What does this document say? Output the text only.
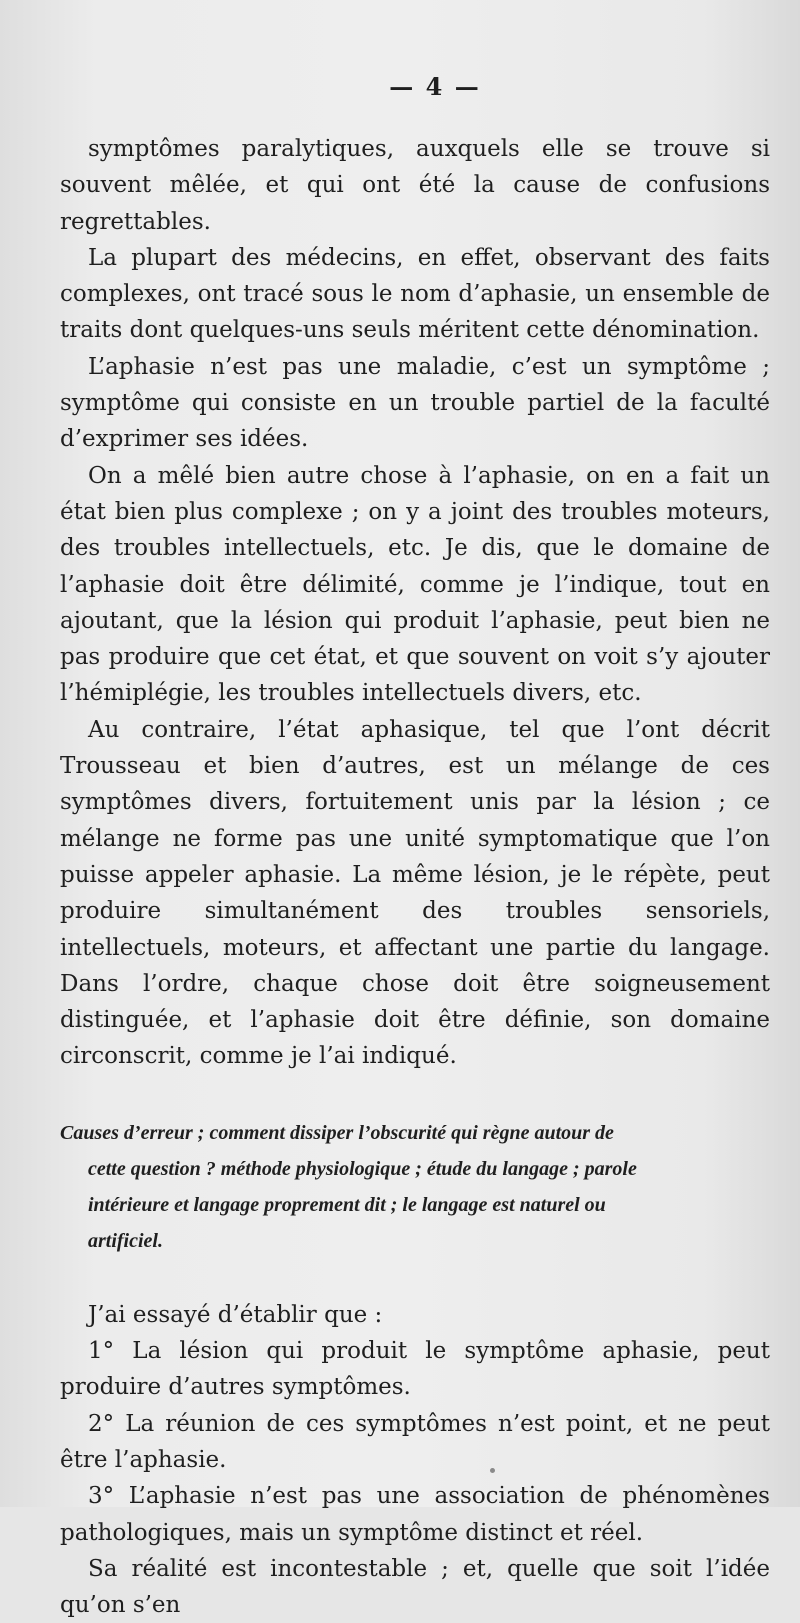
— 4 —

symptômes paralytiques, auxquels elle se trouve si souvent mêlée, et qui ont été la cause de confusions regrettables.

La plupart des médecins, en effet, observant des faits complexes, ont tracé sous le nom d’aphasie, un ensemble de traits dont quelques-uns seuls méritent cette dénomination.

L’aphasie n’est pas une maladie, c’est un symptôme ; symptôme qui consiste en un trouble partiel de la faculté d’exprimer ses idées.

On a mêlé bien autre chose à l’aphasie, on en a fait un état bien plus complexe ; on y a joint des troubles moteurs, des troubles intellectuels, etc. Je dis, que le domaine de l’aphasie doit être délimité, comme je l’indique, tout en ajoutant, que la lésion qui produit l’aphasie, peut bien ne pas produire que cet état, et que souvent on voit s’y ajouter l’hémiplégie, les troubles intellectuels divers, etc.

Au contraire, l’état aphasique, tel que l’ont décrit Trousseau et bien d’autres, est un mélange de ces symptômes divers, fortuitement unis par la lésion ; ce mélange ne forme pas une unité symptomatique que l’on puisse appeler aphasie. La même lésion, je le répète, peut produire simultanément des troubles sensoriels, intellectuels, moteurs, et affectant une partie du langage. Dans l’ordre, chaque chose doit être soigneusement distinguée, et l’aphasie doit être définie, son domaine circonscrit, comme je l’ai indiqué.

Causes d’erreur ; comment dissiper l’obscurité qui règne autour de
cette question ? méthode physiologique ; étude du langage ; parole
intérieure et langage proprement dit ; le langage est naturel ou
artificiel.

J’ai essayé d’établir que :

1° La lésion qui produit le symptôme aphasie, peut produire d’autres symptômes.

2° La réunion de ces symptômes n’est point, et ne peut être l’aphasie.

3° L’aphasie n’est pas une association de phénomènes pathologiques, mais un symptôme distinct et réel.

Sa réalité est incontestable ; et, quelle que soit l’idée qu’on s’en
